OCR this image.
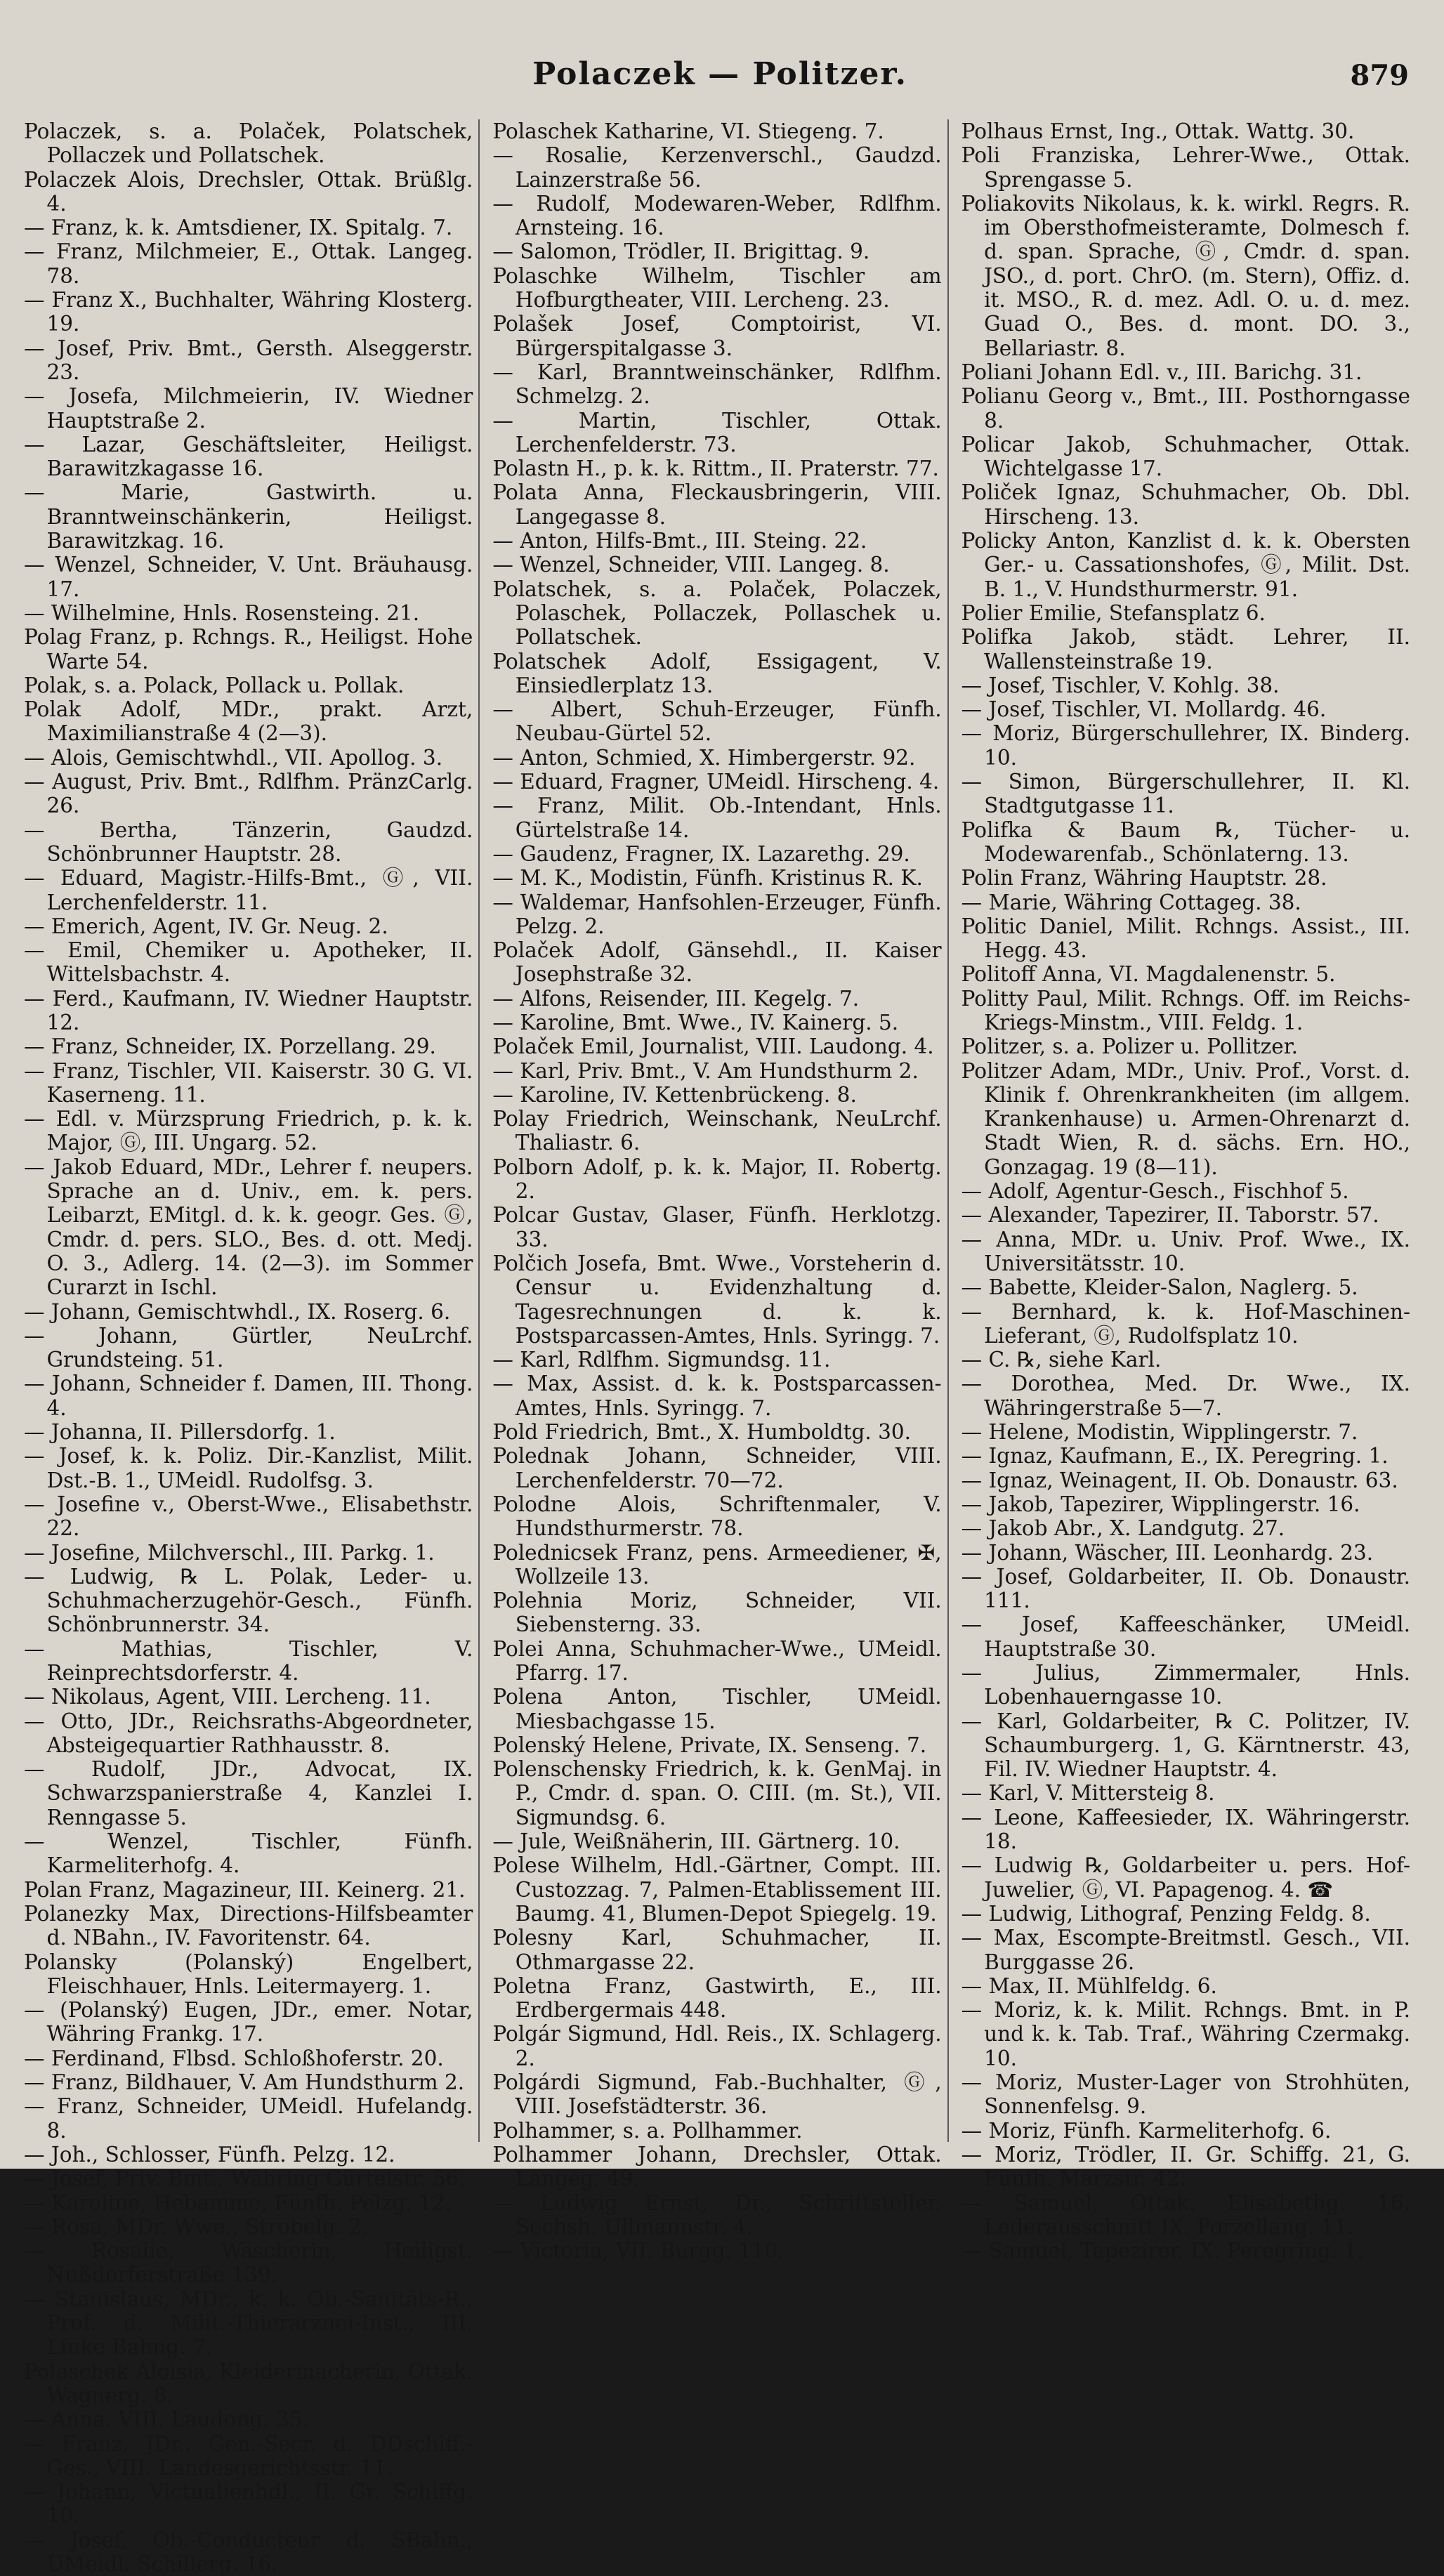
Polaczek — Politzer.	879

Polaczek, s. a. Polaček, Polatschek, Pollaczek und Pollatschek.

Polaczek Alois, Drechsler, Ottak. Brüßlg. 4.

— Franz, k. k. Amtsdiener, IX. Spitalg. 7.

— Franz, Milchmeier, E., Ottak. Langeg. 78.

— Franz X., Buchhalter, Währing Klosterg. 19.

— Josef, Priv. Bmt., Gersth. Alseggerstr. 23.

— Josefa, Milchmeierin, IV. Wiedner Hauptstraße 2.

— Lazar, Geschäftsleiter, Heiligst. Barawitzkagasse 16.

— Marie, Gastwirth. u. Branntweinschänkerin, Heiligst. Barawitzkag. 16.

— Wenzel, Schneider, V. Unt. Bräuhausg. 17.

— Wilhelmine, Hnls. Rosensteing. 21.

Polag Franz, p. Rchngs. R., Heiligst. Hohe Warte 54.

Polak, s. a. Polack, Pollack u. Pollak.

Polak Adolf, MDr., prakt. Arzt, Maximilianstraße 4 (2—3).

— Alois, Gemischtwhdl., VII. Apollog. 3.

— August, Priv. Bmt., Rdlfhm. PränzCarlg. 26.

— Bertha, Tänzerin, Gaudzd. Schönbrunner Hauptstr. 28.

— Eduard, Magistr.-Hilfs-Bmt., Ⓖ, VII. Lerchenfelderstr. 11.

— Emerich, Agent, IV. Gr. Neug. 2.

— Emil, Chemiker u. Apotheker, II. Wittelsbachstr. 4.

— Ferd., Kaufmann, IV. Wiedner Hauptstr. 12.

— Franz, Schneider, IX. Porzellang. 29.

— Franz, Tischler, VII. Kaiserstr. 30 G. VI. Kaserneng. 11.

— Edl. v. Mürzsprung Friedrich, p. k. k. Major, Ⓖ, III. Ungarg. 52.

— Jakob Eduard, MDr., Lehrer f. neupers. Sprache an d. Univ., em. k. pers. Leibarzt, EMitgl. d. k. k. geogr. Ges. Ⓖ, Cmdr. d. pers. SLO., Bes. d. ott. Medj. O. 3., Adlerg. 14. (2—3). im Sommer Curarzt in Ischl.

— Johann, Gemischtwhdl., IX. Roserg. 6.

— Johann, Gürtler, NeuLrchf. Grundsteing. 51.

— Johann, Schneider f. Damen, III. Thong. 4.

— Johanna, II. Pillersdorfg. 1.

— Josef, k. k. Poliz. Dir.-Kanzlist, Milit. Dst.-B. 1., UMeidl. Rudolfsg. 3.

— Josefine v., Oberst-Wwe., Elisabethstr. 22.

— Josefine, Milchverschl., III. Parkg. 1.

— Ludwig, ℞ L. Polak, Leder- u. Schuhmacherzugehör-Gesch., Fünfh. Schönbrunnerstr. 34.

— Mathias, Tischler, V. Reinprechtsdorferstr. 4.

— Nikolaus, Agent, VIII. Lercheng. 11.

— Otto, JDr., Reichsraths-Abgeordneter, Absteigequartier Rathhausstr. 8.

— Rudolf, JDr., Advocat, IX. Schwarzspanierstraße 4, Kanzlei I. Renngasse 5.

— Wenzel, Tischler, Fünfh. Karmeliterhofg. 4.

Polan Franz, Magazineur, III. Keinerg. 21.

Polanezky Max, Directions-Hilfsbeamter d. NBahn., IV. Favoritenstr. 64.

Polansky (Polanský) Engelbert, Fleischhauer, Hnls. Leitermayerg. 1.

— (Polanský) Eugen, JDr., emer. Notar, Währing Frankg. 17.

— Ferdinand, Flbsd. Schloßhoferstr. 20.

— Franz, Bildhauer, V. Am Hundsthurm 2.

— Franz, Schneider, UMeidl. Hufelandg. 8.

— Joh., Schlosser, Fünfh. Pelzg. 12.

— Josef, Priv. Bmt., Währing Gürtelstr. 56.

— Karoline, Hebamme, Fünfh. Pelzg. 12.

— Rosa, MDr. Wwe., Strobelg. 2.

— Rosalie, Wäscherin, Heiligst. Nußdorferstraße 139.

— Stanislaus, MDr., k. k. Ob.-Sanitäts-R., Prof. d. Milit.-Thierarznei-Inst., III. Linke Bahng. 7.

Polaschek Aloisia, Kleidermacherin, Ottak. Wagnerg. 8.

— Anna, VIII. Laudong. 35.

— Franz, JDr., Gen.-Secr. d. DDschiff.-Ges., VIII. Landesgerichtsstr. 11.

— Johann, Victualienhdl., II. Gr. Schiffg. 10.

— Josef, Ob.-Conducteur d. SBahn., UMeidl. Schillerg. 16.

Polaschek Katharine, VI. Stiegeng. 7.

— Rosalie, Kerzenverschl., Gaudzd. Lainzerstraße 56.

— Rudolf, Modewaren-Weber, Rdlfhm. Arnsteing. 16.

— Salomon, Trödler, II. Brigittag. 9.

Polaschke Wilhelm, Tischler am Hofburgtheater, VIII. Lercheng. 23.

Polašek Josef, Comptoirist, VI. Bürgerspitalgasse 3.

— Karl, Branntweinschänker, Rdlfhm. Schmelzg. 2.

— Martin, Tischler, Ottak. Lerchenfelderstr. 73.

Polastn H., p. k. k. Rittm., II. Praterstr. 77.

Polata Anna, Fleckausbringerin, VIII. Langegasse 8.

— Anton, Hilfs-Bmt., III. Steing. 22.

— Wenzel, Schneider, VIII. Langeg. 8.

Polatschek, s. a. Polaček, Polaczek, Polaschek, Pollaczek, Pollaschek u. Pollatschek.

Polatschek Adolf, Essigagent, V. Einsiedlerplatz 13.

— Albert, Schuh-Erzeuger, Fünfh. Neubau-Gürtel 52.

— Anton, Schmied, X. Himbergerstr. 92.

— Eduard, Fragner, UMeidl. Hirscheng. 4.

— Franz, Milit. Ob.-Intendant, Hnls. Gürtelstraße 14.

— Gaudenz, Fragner, IX. Lazarethg. 29.

— M. K., Modistin, Fünfh. Kristinus R. K.

— Waldemar, Hanfsohlen-Erzeuger, Fünfh. Pelzg. 2.

Polaček Adolf, Gänsehdl., II. Kaiser Josephstraße 32.

— Alfons, Reisender, III. Kegelg. 7.

— Karoline, Bmt. Wwe., IV. Kainerg. 5.

Polaček Emil, Journalist, VIII. Laudong. 4.

— Karl, Priv. Bmt., V. Am Hundsthurm 2.

— Karoline, IV. Kettenbrückeng. 8.

Polay Friedrich, Weinschank, NeuLrchf. Thaliastr. 6.

Polborn Adolf, p. k. k. Major, II. Robertg. 2.

Polcar Gustav, Glaser, Fünfh. Herklotzg. 33.

Polčich Josefa, Bmt. Wwe., Vorsteherin d. Censur u. Evidenzhaltung d. Tagesrechnungen d. k. k. Postsparcassen-Amtes, Hnls. Syringg. 7.

— Karl, Rdlfhm. Sigmundsg. 11.

— Max, Assist. d. k. k. Postsparcassen-Amtes, Hnls. Syringg. 7.

Pold Friedrich, Bmt., X. Humboldtg. 30.

Polednak Johann, Schneider, VIII. Lerchenfelderstr. 70—72.

Polodne Alois, Schriftenmaler, V. Hundsthurmerstr. 78.

Polednicsek Franz, pens. Armeediener, ✠, Wollzeile 13.

Polehnia Moriz, Schneider, VII. Siebensterng. 33.

Polei Anna, Schuhmacher-Wwe., UMeidl. Pfarrg. 17.

Polena Anton, Tischler, UMeidl. Miesbachgasse 15.

Polenský Helene, Private, IX. Senseng. 7.

Polenschensky Friedrich, k. k. GenMaj. in P., Cmdr. d. span. O. CIII. (m. St.), VII. Sigmundsg. 6.

— Jule, Weißnäherin, III. Gärtnerg. 10.

Polese Wilhelm, Hdl.-Gärtner, Compt. III. Custozzag. 7, Palmen-Etablissement III. Baumg. 41, Blumen-Depot Spiegelg. 19.

Polesny Karl, Schuhmacher, II. Othmargasse 22.

Poletna Franz, Gastwirth, E., III. Erdbergermais 448.

Polgár Sigmund, Hdl. Reis., IX. Schlagerg. 2.

Polgárdi Sigmund, Fab.-Buchhalter, Ⓖ, VIII. Josefstädterstr. 36.

Polhammer, s. a. Pollhammer.

Polhammer Johann, Drechsler, Ottak. Langeg. 49.

— Ludwig Ernst, Dr., Schriftsteller, Sechsh. Ullmannstr. 4.

— Victoria, VII. Burgg. 110.

Polhaus Ernst, Ing., Ottak. Wattg. 30.

Poli Franziska, Lehrer-Wwe., Ottak. Sprengasse 5.

Poliakovits Nikolaus, k. k. wirkl. Regrs. R. im Obersthofmeisteramte, Dolmesch f. d. span. Sprache, Ⓖ, Cmdr. d. span. JSO., d. port. ChrO. (m. Stern), Offiz. d. it. MSO., R. d. mez. Adl. O. u. d. mez. Guad O., Bes. d. mont. DO. 3., Bellariastr. 8.

Poliani Johann Edl. v., III. Barichg. 31.

Polianu Georg v., Bmt., III. Posthorngasse 8.

Policar Jakob, Schuhmacher, Ottak. Wichtelgasse 17.

Poliček Ignaz, Schuhmacher, Ob. Dbl. Hirscheng. 13.

Policky Anton, Kanzlist d. k. k. Obersten Ger.- u. Cassationshofes, Ⓖ, Milit. Dst. B. 1., V. Hundsthurmerstr. 91.

Polier Emilie, Stefansplatz 6.

Polifka Jakob, städt. Lehrer, II. Wallensteinstraße 19.

— Josef, Tischler, V. Kohlg. 38.

— Josef, Tischler, VI. Mollardg. 46.

— Moriz, Bürgerschullehrer, IX. Binderg. 10.

— Simon, Bürgerschullehrer, II. Kl. Stadtgutgasse 11.

Polifka & Baum ℞, Tücher- u. Modewarenfab., Schönlaterng. 13.

Polin Franz, Währing Hauptstr. 28.

— Marie, Währing Cottageg. 38.

Politic Daniel, Milit. Rchngs. Assist., III. Hegg. 43.

Politoff Anna, VI. Magdalenenstr. 5.

Politty Paul, Milit. Rchngs. Off. im Reichs-Kriegs-Minstm., VIII. Feldg. 1.

Politzer, s. a. Polizer u. Pollitzer.

Politzer Adam, MDr., Univ. Prof., Vorst. d. Klinik f. Ohrenkrankheiten (im allgem. Krankenhause) u. Armen-Ohrenarzt d. Stadt Wien, R. d. sächs. Ern. HO., Gonzagag. 19 (8—11).

— Adolf, Agentur-Gesch., Fischhof 5.

— Alexander, Tapezirer, II. Taborstr. 57.

— Anna, MDr. u. Univ. Prof. Wwe., IX. Universitätsstr. 10.

— Babette, Kleider-Salon, Naglerg. 5.

— Bernhard, k. k. Hof-Maschinen-Lieferant, Ⓖ, Rudolfsplatz 10.

— C. ℞, siehe Karl.

— Dorothea, Med. Dr. Wwe., IX. Währingerstraße 5—7.

— Helene, Modistin, Wipplingerstr. 7.

— Ignaz, Kaufmann, E., IX. Peregring. 1.

— Ignaz, Weinagent, II. Ob. Donaustr. 63.

— Jakob, Tapezirer, Wipplingerstr. 16.

— Jakob Abr., X. Landgutg. 27.

— Johann, Wäscher, III. Leonhardg. 23.

— Josef, Goldarbeiter, II. Ob. Donaustr. 111.

— Josef, Kaffeeschänker, UMeidl. Hauptstraße 30.

— Julius, Zimmermaler, Hnls. Lobenhauerngasse 10.

— Karl, Goldarbeiter, ℞ C. Politzer, IV. Schaumburgerg. 1, G. Kärntnerstr. 43, Fil. IV. Wiedner Hauptstr. 4.

— Karl, V. Mittersteig 8.

— Leone, Kaffeesieder, IX. Währingerstr. 18.

— Ludwig ℞, Goldarbeiter u. pers. Hof-Juwelier, Ⓖ, VI. Papagenog. 4. ☎

— Ludwig, Lithograf, Penzing Feldg. 8.

— Max, Escompte-Breitmstl. Gesch., VII. Burggasse 26.

— Max, II. Mühlfeldg. 6.

— Moriz, k. k. Milit. Rchngs. Bmt. in P. und k. k. Tab. Traf., Währing Czermakg. 10.

— Moriz, Muster-Lager von Strohhüten, Sonnenfelsg. 9.

— Moriz, Fünfh. Karmeliterhofg. 6.

— Moriz, Trödler, II. Gr. Schiffg. 21, G. Fünfh. Märzstr. 42.

— Samuel, Ottak. Elisabethg. 16, Lederausschnitt IX. Porzellang. 11.

— Samuel, Tapezirer, IX. Peregring. 1.
